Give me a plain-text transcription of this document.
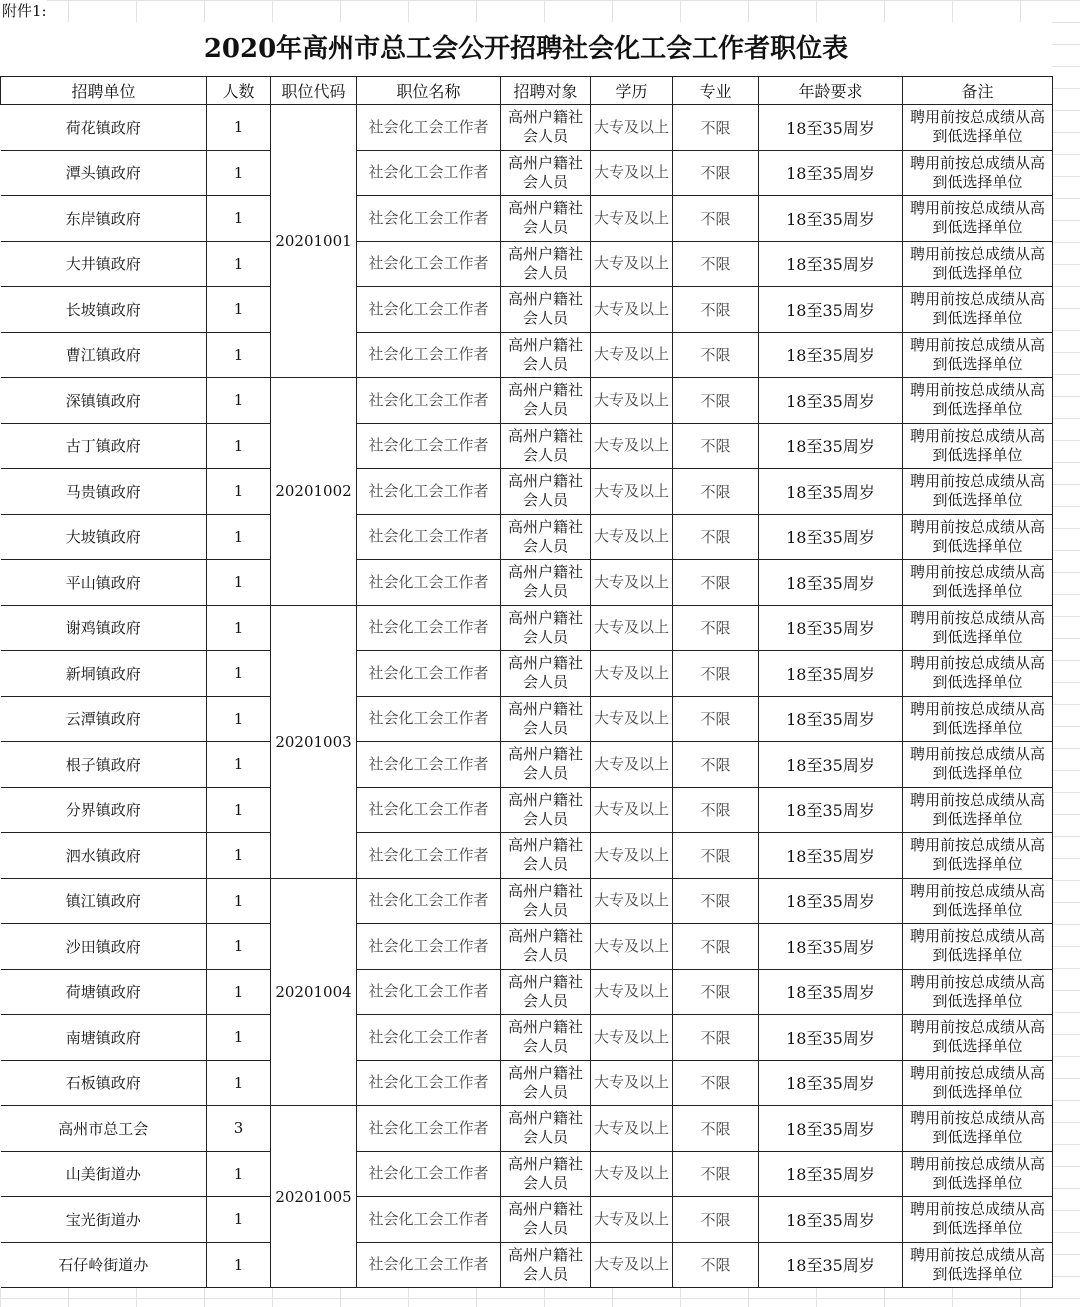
附件1:
2020年高州市总工会公开招聘社会化工会工作者职位表
招聘单位	人数	职位代码	职位名称	招聘对象	学历	专业	年龄要求	备注
荷花镇政府	1	20201001	社会化工会工作者	高州户籍社会人员	大专及以上	不限	18至35周岁	聘用前按总成绩从高到低选择单位
潭头镇政府	1		社会化工会工作者	高州户籍社会人员	大专及以上	不限	18至35周岁	聘用前按总成绩从高到低选择单位
东岸镇政府	1		社会化工会工作者	高州户籍社会人员	大专及以上	不限	18至35周岁	聘用前按总成绩从高到低选择单位
大井镇政府	1		社会化工会工作者	高州户籍社会人员	大专及以上	不限	18至35周岁	聘用前按总成绩从高到低选择单位
长坡镇政府	1		社会化工会工作者	高州户籍社会人员	大专及以上	不限	18至35周岁	聘用前按总成绩从高到低选择单位
曹江镇政府	1		社会化工会工作者	高州户籍社会人员	大专及以上	不限	18至35周岁	聘用前按总成绩从高到低选择单位
深镇镇政府	1	20201002	社会化工会工作者	高州户籍社会人员	大专及以上	不限	18至35周岁	聘用前按总成绩从高到低选择单位
古丁镇政府	1		社会化工会工作者	高州户籍社会人员	大专及以上	不限	18至35周岁	聘用前按总成绩从高到低选择单位
马贵镇政府	1		社会化工会工作者	高州户籍社会人员	大专及以上	不限	18至35周岁	聘用前按总成绩从高到低选择单位
大坡镇政府	1		社会化工会工作者	高州户籍社会人员	大专及以上	不限	18至35周岁	聘用前按总成绩从高到低选择单位
平山镇政府	1		社会化工会工作者	高州户籍社会人员	大专及以上	不限	18至35周岁	聘用前按总成绩从高到低选择单位
谢鸡镇政府	1	20201003	社会化工会工作者	高州户籍社会人员	大专及以上	不限	18至35周岁	聘用前按总成绩从高到低选择单位
新垌镇政府	1		社会化工会工作者	高州户籍社会人员	大专及以上	不限	18至35周岁	聘用前按总成绩从高到低选择单位
云潭镇政府	1		社会化工会工作者	高州户籍社会人员	大专及以上	不限	18至35周岁	聘用前按总成绩从高到低选择单位
根子镇政府	1		社会化工会工作者	高州户籍社会人员	大专及以上	不限	18至35周岁	聘用前按总成绩从高到低选择单位
分界镇政府	1		社会化工会工作者	高州户籍社会人员	大专及以上	不限	18至35周岁	聘用前按总成绩从高到低选择单位
泗水镇政府	1		社会化工会工作者	高州户籍社会人员	大专及以上	不限	18至35周岁	聘用前按总成绩从高到低选择单位
镇江镇政府	1	20201004	社会化工会工作者	高州户籍社会人员	大专及以上	不限	18至35周岁	聘用前按总成绩从高到低选择单位
沙田镇政府	1		社会化工会工作者	高州户籍社会人员	大专及以上	不限	18至35周岁	聘用前按总成绩从高到低选择单位
荷塘镇政府	1		社会化工会工作者	高州户籍社会人员	大专及以上	不限	18至35周岁	聘用前按总成绩从高到低选择单位
南塘镇政府	1		社会化工会工作者	高州户籍社会人员	大专及以上	不限	18至35周岁	聘用前按总成绩从高到低选择单位
石板镇政府	1		社会化工会工作者	高州户籍社会人员	大专及以上	不限	18至35周岁	聘用前按总成绩从高到低选择单位
高州市总工会	3	20201005	社会化工会工作者	高州户籍社会人员	大专及以上	不限	18至35周岁	聘用前按总成绩从高到低选择单位
山美街道办	1		社会化工会工作者	高州户籍社会人员	大专及以上	不限	18至35周岁	聘用前按总成绩从高到低选择单位
宝光街道办	1		社会化工会工作者	高州户籍社会人员	大专及以上	不限	18至35周岁	聘用前按总成绩从高到低选择单位
石仔岭街道办	1		社会化工会工作者	高州户籍社会人员	大专及以上	不限	18至35周岁	聘用前按总成绩从高到低选择单位
